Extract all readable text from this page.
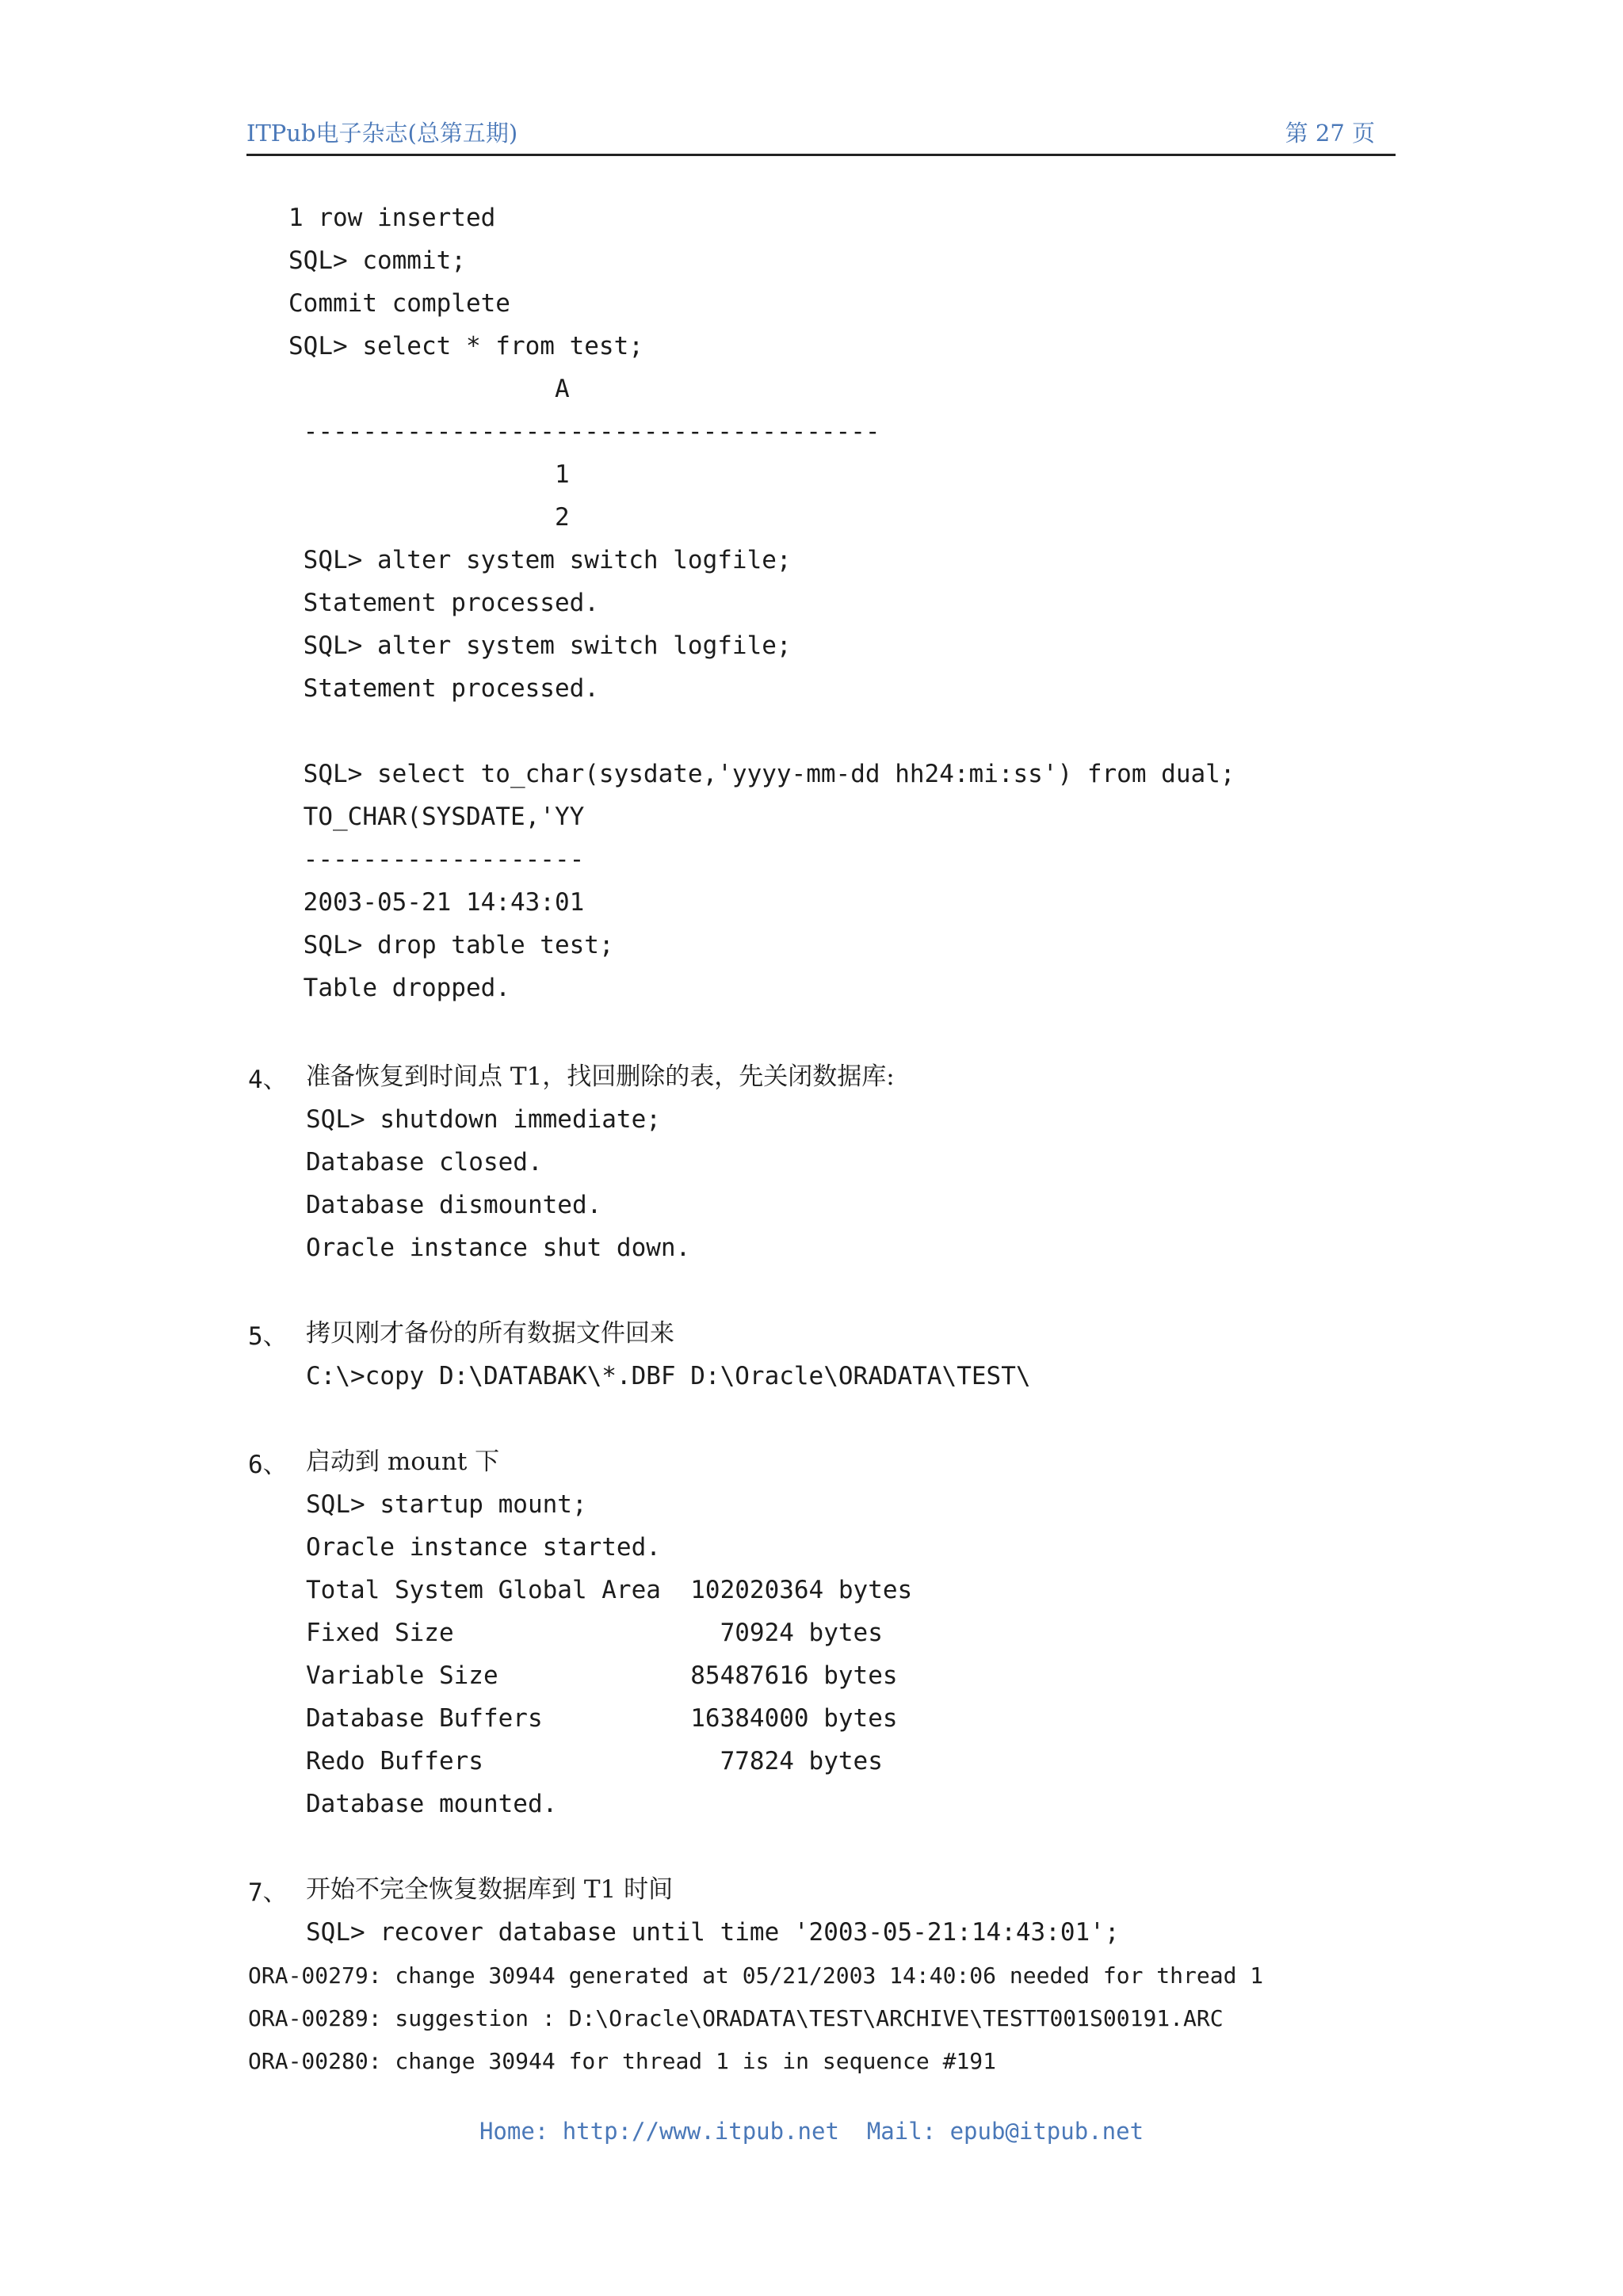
ITPub电子杂志(总第五期)	第 27 页
1 row inserted
SQL> commit;
Commit complete
SQL> select * from test;
A
---------------------------------------
1
2
SQL> alter system switch logfile;
Statement processed.
SQL> alter system switch logfile;
Statement processed.
SQL> select to_char(sysdate,'yyyy-mm-dd hh24:mi:ss') from dual;
TO_CHAR(SYSDATE,'YY
-------------------
2003-05-21 14:43:01
SQL> drop table test;
Table dropped.
4、 准备恢复到时间点 T1，找回删除的表，先关闭数据库:
SQL> shutdown immediate;
Database closed.
Database dismounted.
Oracle instance shut down.
5、 拷贝刚才备份的所有数据文件回来
C:\>copy D:\DATABAK\*.DBF D:\Oracle\ORADATA\TEST\
6、 启动到 mount 下
SQL> startup mount;
Oracle instance started.
Total System Global Area  102020364 bytes
Fixed Size                  70924 bytes
Variable Size             85487616 bytes
Database Buffers          16384000 bytes
Redo Buffers                77824 bytes
Database mounted.
7、 开始不完全恢复数据库到 T1 时间
SQL> recover database until time '2003-05-21:14:43:01';
ORA-00279: change 30944 generated at 05/21/2003 14:40:06 needed for thread 1
ORA-00289: suggestion : D:\Oracle\ORADATA\TEST\ARCHIVE\TESTT001S00191.ARC
ORA-00280: change 30944 for thread 1 is in sequence #191
Home: http://www.itpub.net  Mail: epub@itpub.net
